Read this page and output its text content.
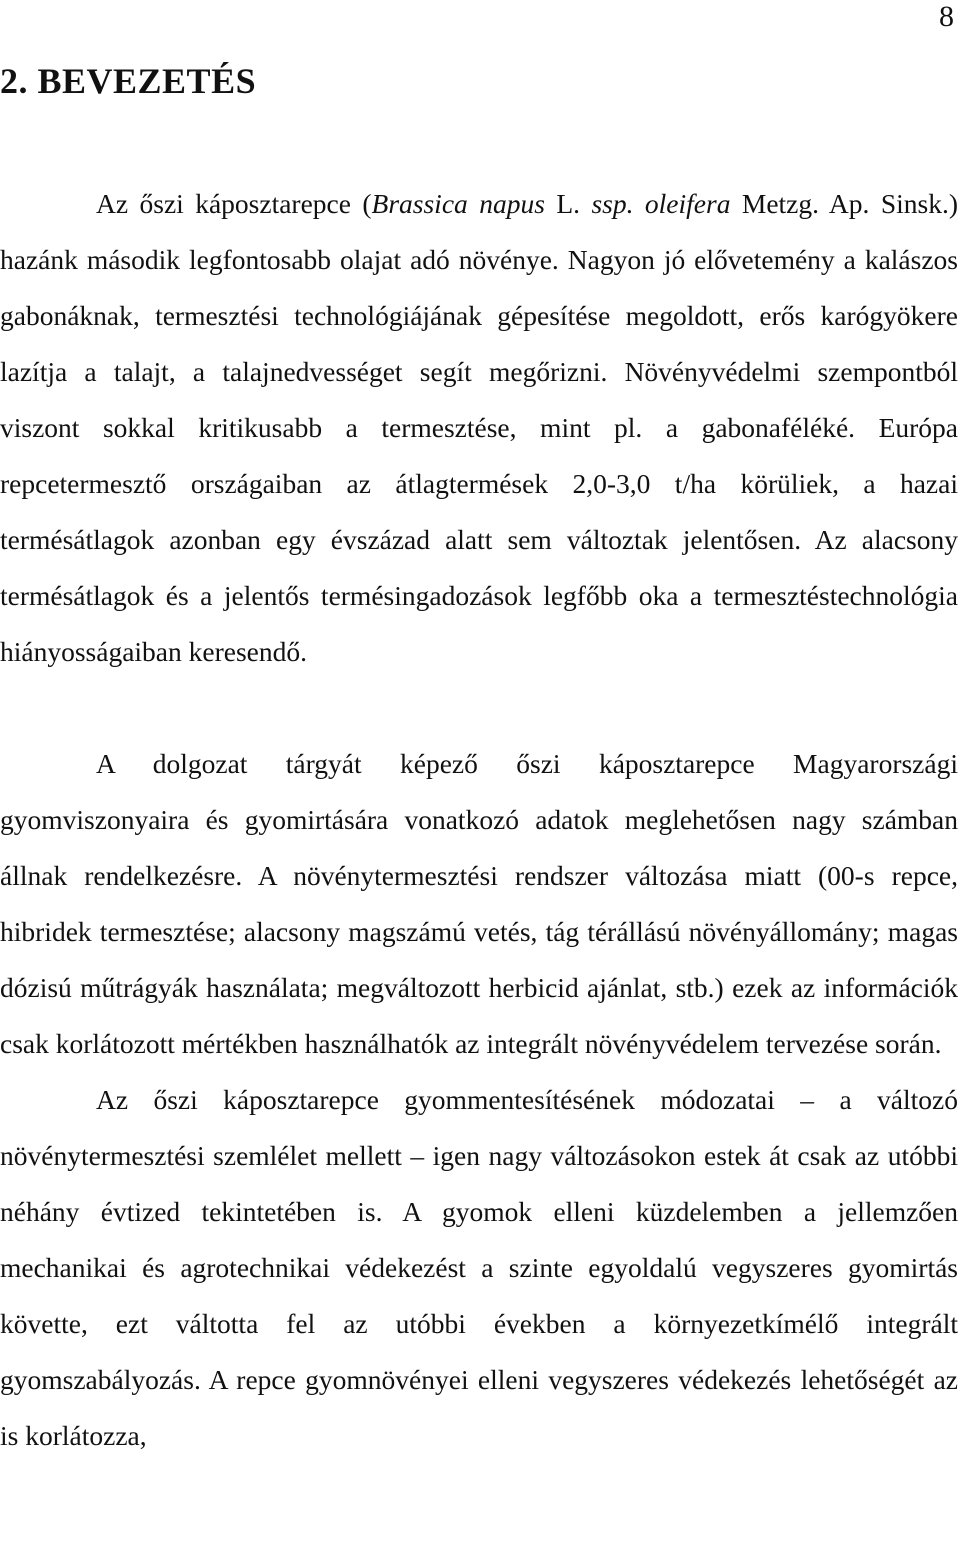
8
2. BEVEZETÉS

Az őszi káposztarepce (Brassica napus L. ssp. oleifera Metzg. Ap. Sinsk.) hazánk második legfontosabb olajat adó növénye. Nagyon jó elővetemény a kalászos gabonáknak, termesztési technológiájának gépesítése megoldott, erős karógyökere lazítja a talajt, a talajnedvességet segít megőrizni. Növényvédelmi szempontból viszont sokkal kritikusabb a termesztése, mint pl. a gabonaféléké. Európa repcetermesztő országaiban az átlagtermések 2,0-3,0 t/ha körüliek, a hazai termésátlagok azonban egy évszázad alatt sem változtak jelentősen. Az alacsony termésátlagok és a jelentős termésingadozások legfőbb oka a termesztéstechnológia hiányosságaiban keresendő.

A dolgozat tárgyát képező őszi káposztarepce Magyarországi gyomviszonyaira és gyomirtására vonatkozó adatok meglehetősen nagy számban állnak rendelkezésre. A növénytermesztési rendszer változása miatt (00-s repce, hibridek termesztése; alacsony magszámú vetés, tág térállású növényállomány; magas dózisú műtrágyák használata; megváltozott herbicid ajánlat, stb.) ezek az információk csak korlátozott mértékben használhatók az integrált növényvédelem tervezése során.

Az őszi káposztarepce gyommentesítésének módozatai – a változó növénytermesztési szemlélet mellett – igen nagy változásokon estek át csak az utóbbi néhány évtized tekintetében is. A gyomok elleni küzdelemben a jellemzően mechanikai és agrotechnikai védekezést a szinte egyoldalú vegyszeres gyomirtás követte, ezt váltotta fel az utóbbi években a környezetkímélő integrált gyomszabályozás. A repce gyomnövényei elleni vegyszeres védekezés lehetőségét az is korlátozza,
